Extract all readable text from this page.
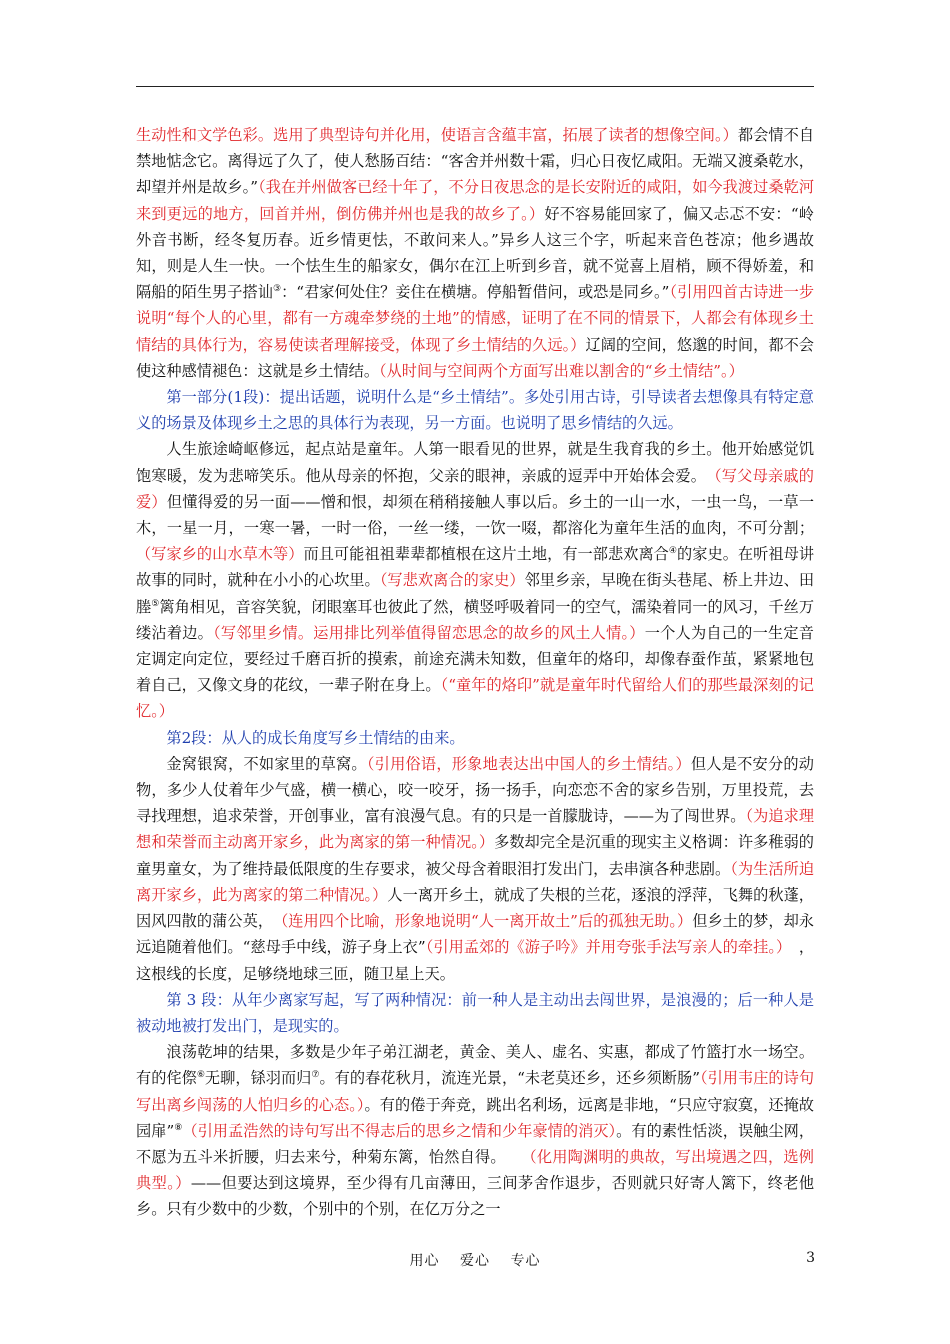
生动性和文学色彩。选用了典型诗句并化用，使语言含蕴丰富，拓展了读者的想像空间。）都会情不自禁地惦念它。离得远了久了，使人愁肠百结：“客舍并州数十霜，归心日夜忆咸阳。无端又渡桑乾水，却望并州是故乡。”（我在并州做客已经十年了，不分日夜思念的是长安附近的咸阳，如今我渡过桑乾河来到更远的地方，回首并州，倒仿佛并州也是我的故乡了。）好不容易能回家了，偏又忐忑不安：“岭外音书断，经冬复历春。近乡情更怯，不敢问来人。”异乡人这三个字，听起来音色苍凉；他乡遇故知，则是人生一快。一个怯生生的船家女，偶尔在江上听到乡音，就不觉喜上眉梢，顾不得娇羞，和隔船的陌生男子搭讪③：“君家何处住？妾住在横塘。停船暂借问，或恐是同乡。”（引用四首古诗进一步说明“每个人的心里，都有一方魂牵梦绕的土地”的情感，证明了在不同的情景下，人都会有体现乡土情结的具体行为，容易使读者理解接受，体现了乡土情结的久远。）辽阔的空间，悠邈的时间，都不会使这种感情褪色：这就是乡土情结。（从时间与空间两个方面写出难以割舍的“乡土情结”。）

第一部分(1段)：提出话题，说明什么是“乡土情结”。多处引用古诗，引导读者去想像具有特定意义的场景及体现乡土之思的具体行为表现，另一方面。也说明了思乡情结的久远。

人生旅途崎岖修远，起点站是童年。人第一眼看见的世界，就是生我育我的乡土。他开始感觉饥饱寒暖，发为悲啼笑乐。他从母亲的怀抱，父亲的眼神，亲戚的逗弄中开始体会爱。　（写父母亲戚的爱）但懂得爱的另一面——憎和恨，却须在稍稍接触人事以后。乡土的一山一水，一虫一鸟，一草一木，一星一月，一寒一暑，一时一俗，一丝一缕，一饮一啜，都溶化为童年生活的血肉，不可分割；（写家乡的山水草木等）而且可能祖祖辈辈都植根在这片土地，有一部悲欢离合④的家史。在听祖母讲故事的同时，就种在小小的心坎里。（写悲欢离合的家史）邻里乡亲，早晚在街头巷尾、桥上井边、田塍⑤篱角相见，音容笑貌，闭眼塞耳也彼此了然，横竖呼吸着同一的空气，濡染着同一的风习，千丝万缕沾着边。（写邻里乡情。运用排比列举值得留恋思念的故乡的风土人情。）一个人为自己的一生定音定调定向定位，要经过千磨百折的摸索，前途充满未知数，但童年的烙印，却像春蚕作茧，紧紧地包着自己，又像文身的花纹，一辈子附在身上。（“童年的烙印”就是童年时代留给人们的那些最深刻的记忆。）

第2段：从人的成长角度写乡土情结的由来。

金窝银窝，不如家里的草窝。（引用俗语，形象地表达出中国人的乡土情结。）但人是不安分的动物，多少人仗着年少气盛，横一横心，咬一咬牙，扬一扬手，向恋恋不舍的家乡告别，万里投荒，去寻找理想，追求荣誉，开创事业，富有浪漫气息。有的只是一首朦胧诗，——为了闯世界。（为追求理想和荣誉而主动离开家乡，此为离家的第一种情况。）多数却完全是沉重的现实主义格调：许多稚弱的童男童女，为了维持最低限度的生存要求，被父母含着眼泪打发出门，去串演各种悲剧。（为生活所迫离开家乡，此为离家的第二种情况。）人一离开乡土，就成了失根的兰花，逐浪的浮萍，飞舞的秋蓬，因风四散的蒲公英，　（连用四个比喻，形象地说明“人一离开故土”后的孤独无助。）但乡土的梦，却永远追随着他们。“慈母手中线，游子身上衣”（引用孟郊的《游子吟》并用夸张手法写亲人的牵挂。）　，这根线的长度，足够绕地球三匝，随卫星上天。

第 3 段：从年少离家写起，写了两种情况：前一种人是主动出去闯世界，是浪漫的；后一种人是被动地被打发出门，是现实的。

浪荡乾坤的结果，多数是少年子弟江湖老，黄金、美人、虚名、实惠，都成了竹篮打水一场空。有的侘傺⑥无聊，铩羽而归⑦。有的春花秋月，流连光景，“未老莫还乡，还乡须断肠”（引用韦庄的诗句写出离乡闯荡的人怕归乡的心态。）。有的倦于奔竞，跳出名利场，远离是非地，“只应守寂寞，还掩故园扉”⑧（引用孟浩然的诗句写出不得志后的思乡之情和少年豪情的消灭）。有的素性恬淡，误触尘网，不愿为五斗米折腰，归去来兮，种菊东篱，怡然自得。　　（化用陶渊明的典故，写出境遇之四，选例典型。）——但要达到这境界，至少得有几亩薄田，三间茅舍作退步，否则就只好寄人篱下，终老他乡。只有少数中的少数，个别中的个别，在亿万分之一

用心　 爱心　 专心	3
